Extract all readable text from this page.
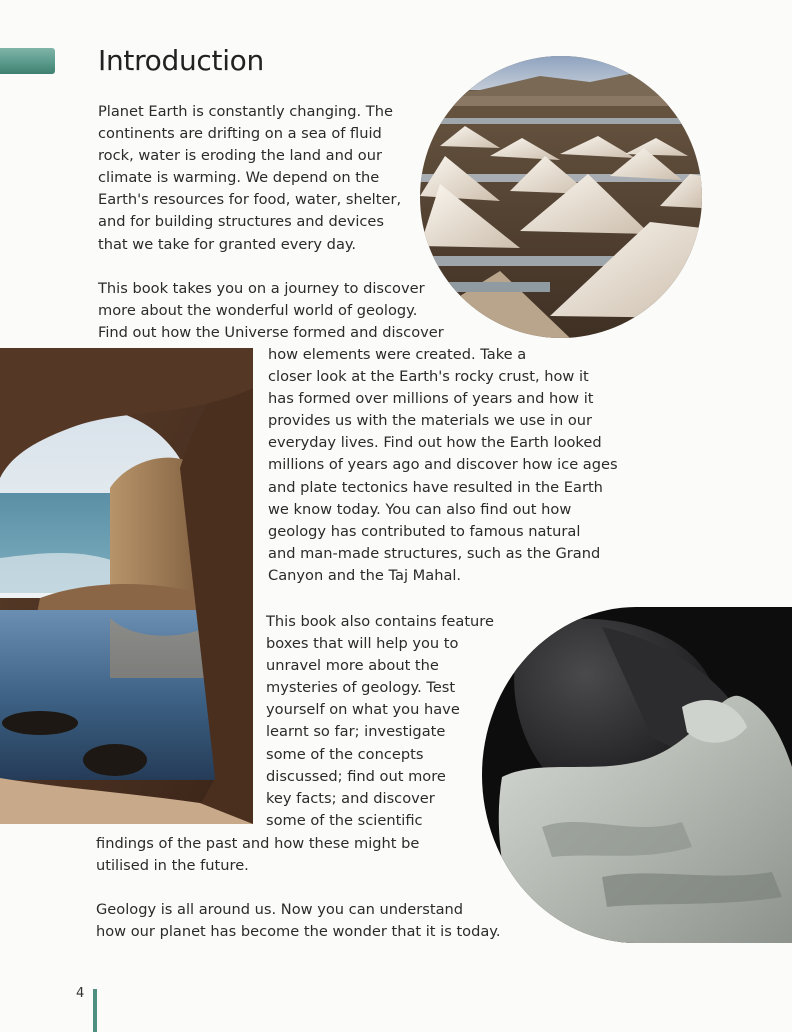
Introduction
Planet Earth is constantly changing. The
continents are drifting on a sea of fluid
rock, water is eroding the land and our
climate is warming. We depend on the
Earth's resources for food, water, shelter,
and for building structures and devices
that we take for granted every day.
This book takes you on a journey to discover
more about the wonderful world of geology.
Find out how the Universe formed and discover
how elements were created. Take a
closer look at the Earth's rocky crust, how it
has formed over millions of years and how it
provides us with the materials we use in our
everyday lives. Find out how the Earth looked
millions of years ago and discover how ice ages
and plate tectonics have resulted in the Earth
we know today. You can also find out how
geology has contributed to famous natural
and man-made structures, such as the Grand
Canyon and the Taj Mahal.
This book also contains feature
boxes that will help you to
unravel more about the
mysteries of geology. Test
yourself on what you have
learnt so far; investigate
some of the concepts
discussed; find out more
key facts; and discover
some of the scientific
findings of the past and how these might be
utilised in the future.
Geology is all around us. Now you can understand
how our planet has become the wonder that it is today.
4
